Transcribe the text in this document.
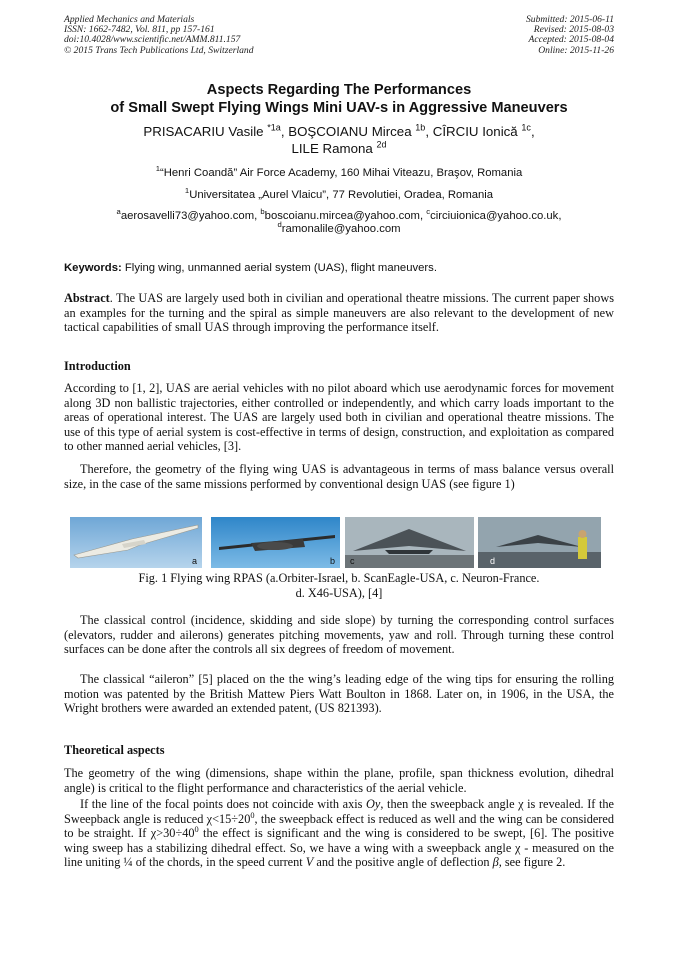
Applied Mechanics and Materials
ISSN: 1662-7482, Vol. 811, pp 157-161
doi:10.4028/www.scientific.net/AMM.811.157
© 2015 Trans Tech Publications Ltd, Switzerland
Submitted: 2015-06-11
Revised: 2015-08-03
Accepted: 2015-08-04
Online: 2015-11-26
Aspects Regarding The Performances
of Small Swept Flying Wings Mini UAV-s in Aggressive Maneuvers
PRISACARIU Vasile $^{*1a}$, BOŞCOIANU Mircea $^{1b}$, CÎRCIU Ionică $^{1c}$,
LILE Ramona $^{2d}$
$^1$“Henri Coandă” Air Force Academy, 160 Mihai Viteazu, Braşov, Romania
$^1$Universitatea „Aurel Vlaicu”, 77 Revolutiei, Oradea, Romania
$^a$aerosavelli73@yahoo.com, $^b$boscoianu.mircea@yahoo.com, $^c$circiuionica@yahoo.co.uk,
$^d$ramonalile@yahoo.com
Keywords: Flying wing, unmanned aerial system (UAS), flight maneuvers.
Abstract. The UAS are largely used both in civilian and operational theatre missions. The current paper shows an examples for the turning and the spiral as simple maneuvers are also relevant to the development of new tactical capabilities of small UAS through improving the performance itself.
Introduction
According to [1, 2], UAS are aerial vehicles with no pilot aboard which use aerodynamic forces for movement along 3D non ballistic trajectories, either controlled or independently, and which carry loads important to the areas of operational interest. The UAS are largely used both in civilian and operational theatre missions. The use of this type of aerial system is cost-effective in terms of design, construction, and exploitation as compared to other manned aerial vehicles, [3].
Therefore, the geometry of the flying wing UAS is advantageous in terms of mass balance versus overall size, in the case of the same missions performed by conventional design UAS (see figure 1)
a	b c	d
Fig. 1 Flying wing RPAS (a.Orbiter-Israel, b. ScanEagle-USA, c. Neuron-France.
d. X46-USA), [4]
The classical control (incidence, skidding and side slope) by turning the corresponding control surfaces (elevators, rudder and ailerons) generates pitching movements, yaw and roll. Through turning these control surfaces can be done after the controls all six degrees of freedom of movement.
The classical “aileron” [5] placed on the the wing’s leading edge of the wing tips for ensuring the rolling motion was patented by the British Mattew Piers Watt Boulton in 1868. Later on, in 1906, in the USA, the Wright brothers were awarded an extended patent, (US 821393).
Theoretical aspects
The geometry of the wing (dimensions, shape within the plane, profile, span thickness evolution, dihedral angle) is critical to the flight performance and characteristics of the aerial vehicle.
If the line of the focal points does not coincide with axis Oy, then the sweepback angle χ is revealed. If the Sweepback angle is reduced $\chi<15\div 20^0$, the sweepback effect is reduced as well and the wing can be considered to be straight. If $\chi>30\div 40^0$ the effect is significant and the wing is considered to be swept, [6]. The positive wing sweep has a stabilizing dihedral effect. So, we have a wing with a sweepback angle χ - measured on the line uniting ¼ of the chords, in the speed current V and the positive angle of deflection β, see figure 2.
